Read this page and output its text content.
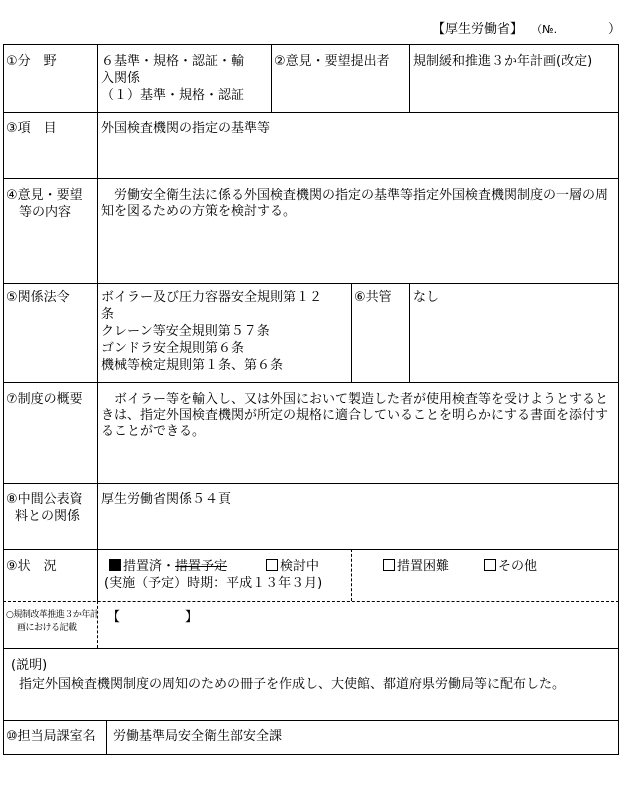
【厚生労働省】 （№.	）
①分　野	６基準・規格・認証・輸
入関係
（１）基準・規格・認証
②意見・要望提出者 規制緩和推進３か年計画(改定)
③項　目	外国検査機関の指定の基準等
④意見・要望
等の内容
　労働安全衛生法に係る外国検査機関の指定の基準等指定外国検査機関制度の一層の周知を図るための方策を検討する。
⑤関係法令 ボイラー及び圧力容器安全規則第１２
条
クレーン等安全規則第５７条
ゴンドラ安全規則第６条
機械等検定規則第１条、第６条
⑥共管 なし
⑦制度の概要 　ボイラー等を輸入し、又は外国において製造した者が使用検査等を受けようとするときは、指定外国検査機関が所定の規格に適合していることを明らかにする書面を添付することができる。
⑧中間公表資
料との関係
厚生労働省関係５４頁
⑨状　況	措置済・措置予定	検討中	措置困難	その他
(実施（予定）時期：平成１３年３月)
○規制改革推進３か年計
画における記載
【　　　　　】
(説明)
指定外国検査機関制度の周知のための冊子を作成し、大使館、都道府県労働局等に配布した。
⑩担当局課室名 労働基準局安全衛生部安全課
